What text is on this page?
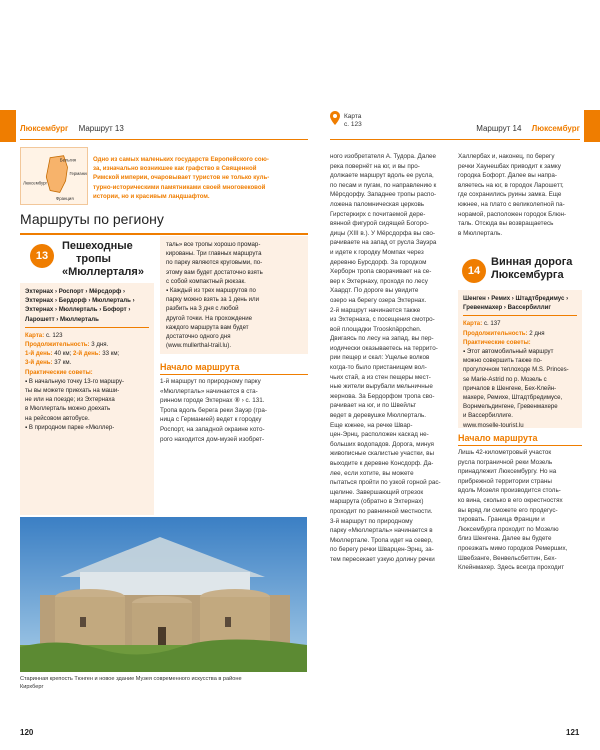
Люксембург Маршрут 13
Карта
с. 123	Маршрут 14 Люксембург
Бельгия
Германия
Франция
Люксембург
Одно из самых маленьких государств Европейского сою-
за, изначально возникшее как графство в Священной
Римской империи, очаровывает туристов не только куль-
турно-историческими памятниками своей многовековой
истории, но и красивым ландшафтом.
Маршруты по региону
13
Пешеходные
тропы
«Мюллерталя»
Эхтернах › Роспорт › Мёрсдорф ›
Эхтернах › Бердорф › Мюллерталь ›
Эхтернах › Мюллерталь › Бофорт ›
Ларошетт › Мюллерталь
Карта: с. 123
Продолжительность: 3 дня.
1-й день: 40 км; 2-й день: 33 км;
3-й день: 37 км.
Практические советы:
▪ В начальную точку 13-го маршру-
ты вы можете приехать на маши-
не или на поезде; из Эхтернаха
в Мюллерталь можно доехать
на рейсовом автобусе.
▪ В природном парке «Мюллер-
таль» все тропы хорошо промар-
кированы. Три главных маршрута
по парку являются круговыми, по-
этому вам будет достаточно взять
с собой компактный рюкзак.
▪ Каждый из трех маршрутов по
парку можно взять за 1 день или
разбить на 3 дня с любой
другой точки. На прохождение
каждого маршрута вам будет
достаточно одного дня
(www.mullerthal-trail.lu).
Начало маршрута
1-й маршрут по природному парку
«Мюллерталь» начинается в ста-
ринном городе Эхтернах ⑧ › с. 131.
Тропа вдоль берега реки Зауэр (гра-
ница с Германией) ведет к городку
Роспорт, на западной окраине кото-
рого находится дом-музей изобрет-
Старинная крепость Тюнген и новое здание Музея современного искусства в районе
Кирхберг
120
ного изобретателя А. Тудора. Далее
река повернёт на юг, и вы про-
должаете маршрут вдоль ее русла,
по песам и пугам, по направлению к
Мёрсдорфу. Западнее тропы распо-
ложена паломническая церковь
Гирстеркирх с почитаемой дере-
вянной фигурой сидящей Богоро-
дицы (XIII в.). У Мёрсдорфа вы сво-
рачиваете на запад от русла Зауэра
и идете к городку Момпах через
деревню Бурсдорф. За городком
Херборн тропа сворачивает на се-
вер к Эхтернаху, проходя по лесу
Хаардт. По дороге вы увидите
озеро на берегу озера Эхтернах.
2-й маршрут начинается также
из Эхтернаха, с посещения смотро-
вой площадки Troosknäppchen.
Двигаясь по лесу на запад, вы пер-
иодически оказываетесь на террито-
рии пещер и скал: Ущелье волков
когда-то было пристанищем вол-
чьих стай, а из стен пещеры мест-
ные жители вырубали мельничные
жернова. За Бердорфом тропа сво-
рачивает на юг, и по Швейльт
ведет в деревушке Мюллерталь.
Еще южнее, на речке Швар-
цен-Эрнц, расположен каскад не-
больших водопадов. Дорога, минуя
живописные скалистые участки, вы
выходите к деревне Консдорф. Да-
лее, если хотите, вы можете
пытаться пройти по узкой горной рас-
щелине. Завершающий отрезок
маршрута (обратно в Эхтернах)
проходит по равнинной местности.
3-й маршрут по природному
парку «Мюллерталь» начинается в
Мюллертале. Тропа идет на север,
по берегу речки Шварцен-Эрнц, за-
тем пересекает узкую долину речки
Халлербах и, наконец, по берегу
речки Хаунешбах приводит к замку
городка Бофорт. Далее вы напра-
вляетесь на юг, в городок Ларошетт,
где сохранились руины замка. Еще
южнее, на плато с великолепной па-
норамой, расположен городок Блюн-
таль. Отсюда вы возвращаетесь
в Мюллерталь.
14
Винная дорога
Люксембурга
Шенген › Ремих › Штадтбредимус ›
Гревенмахер › Вассербиллиг
Карта: с. 137
Продолжительность: 2 дня
Практические советы:
▪ Этот автомобильный маршрут
можно совершить также по-
прогулочном теплоходе M.S. Princes-
se Marie-Astrid по р. Мозель с
причалов в Шенгене, Бех-Клейн-
махере, Ремихе, Штадтбредимусе,
Ворнмельдингене, Гревенмахере
и Вассербиллиге.
www.moselle-tourist.lu
Начало маршрута
Лишь 42-километровый участок
русла пограничной реки Мозель
принадлежит Люксембургу. Но на
прибрежной территории страны
вдоль Мозеля производится столь-
ко вина, сколько в его окрестностях
вы вряд ли сможете его продегус-
тировать. Граница Франции и
Люксембурга проходит по Мозелю
близ Шенгена. Далее вы будете
проезжать мимо городков Ремерших,
Швебзанге, Венвельсбеттин, Бех-
Клейнмахер. Здесь всегда проходит
121
